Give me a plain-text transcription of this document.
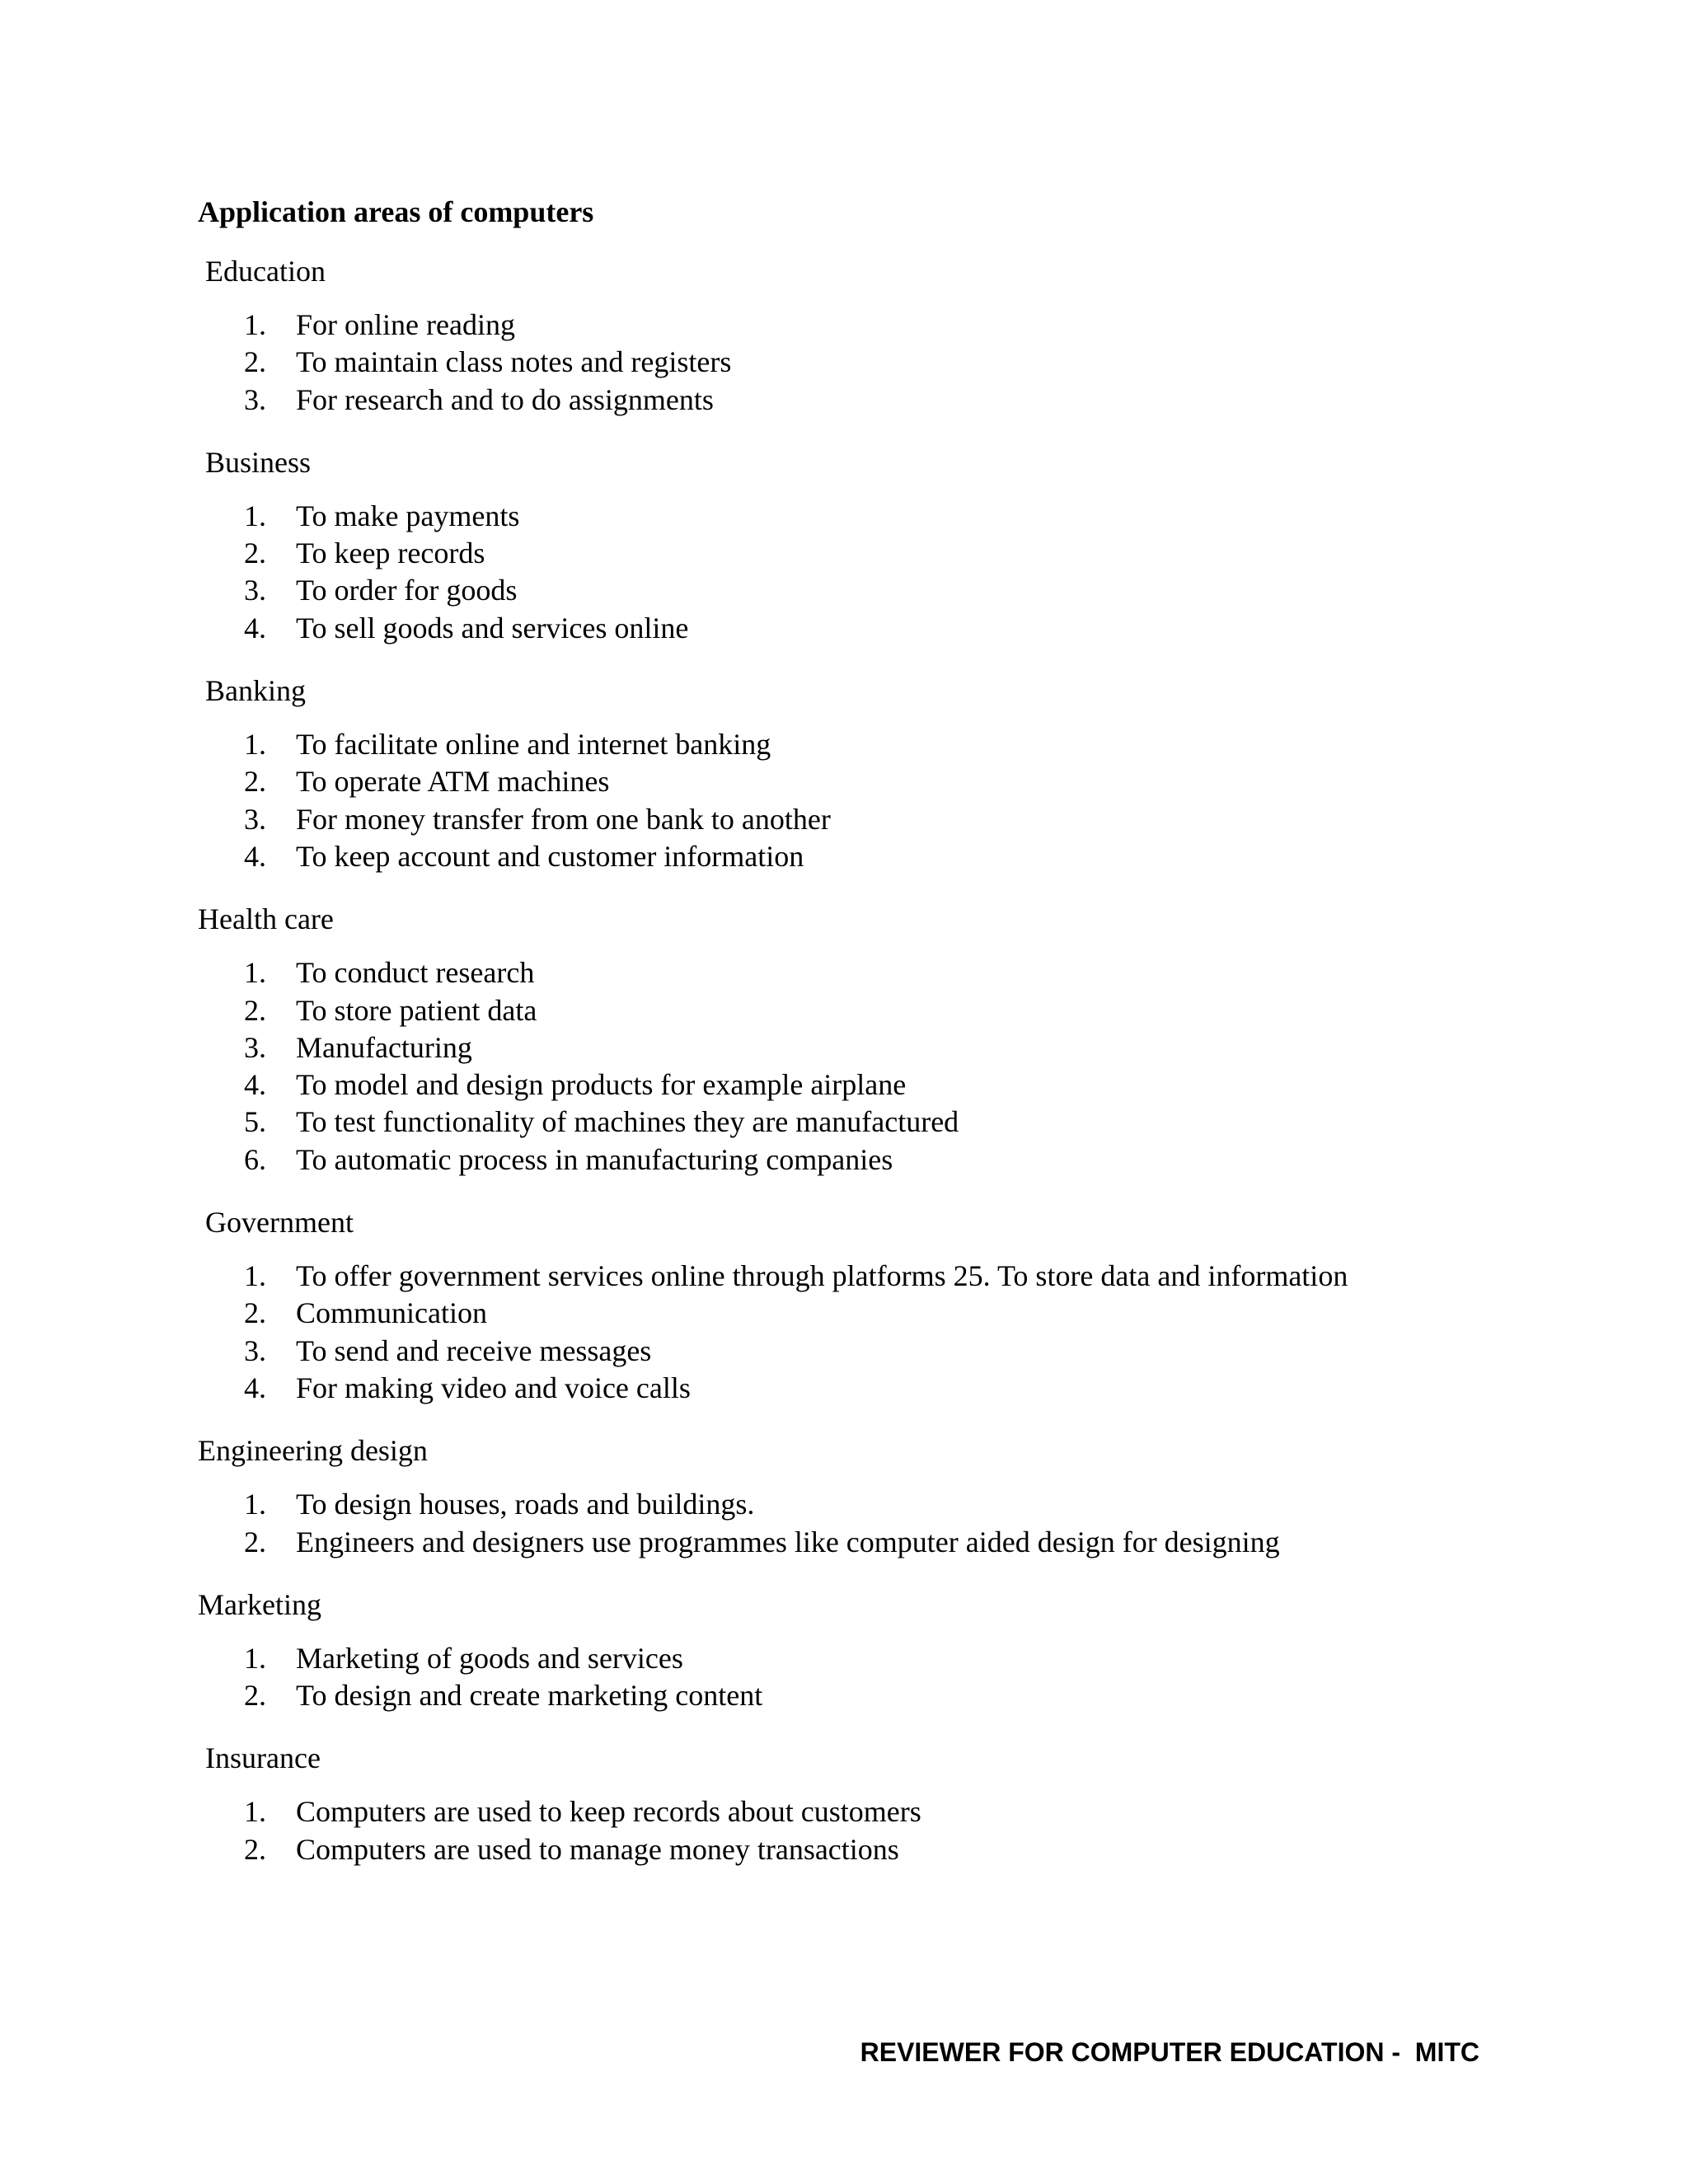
Application areas of computers
Education
1.	For online reading
2.	To maintain class notes and registers
3.	For research and to do assignments
Business
1.	To make payments
2.	To keep records
3.	To order for goods
4.	To sell goods and services online
Banking
1.	To facilitate online and internet banking
2.	To operate ATM machines
3.	For money transfer from one bank to another
4.	To keep account and customer information
Health care
1.	To conduct research
2.	To store patient data
3.	Manufacturing
4.	To model and design products for example airplane
5.	To test functionality of machines they are manufactured
6.	To automatic process in manufacturing companies
Government
1.	To offer government services online through platforms 25. To store data and information
2.	Communication
3.	To send and receive messages
4.	For making video and voice calls
Engineering design
1.	To design houses, roads and buildings.
2.	Engineers and designers use programmes like computer aided design for designing
Marketing
1.	Marketing of goods and services
2.	To design and create marketing content
Insurance
1.	Computers are used to keep records about customers
2.	Computers are used to manage money transactions
REVIEWER FOR COMPUTER EDUCATION -  MITC
